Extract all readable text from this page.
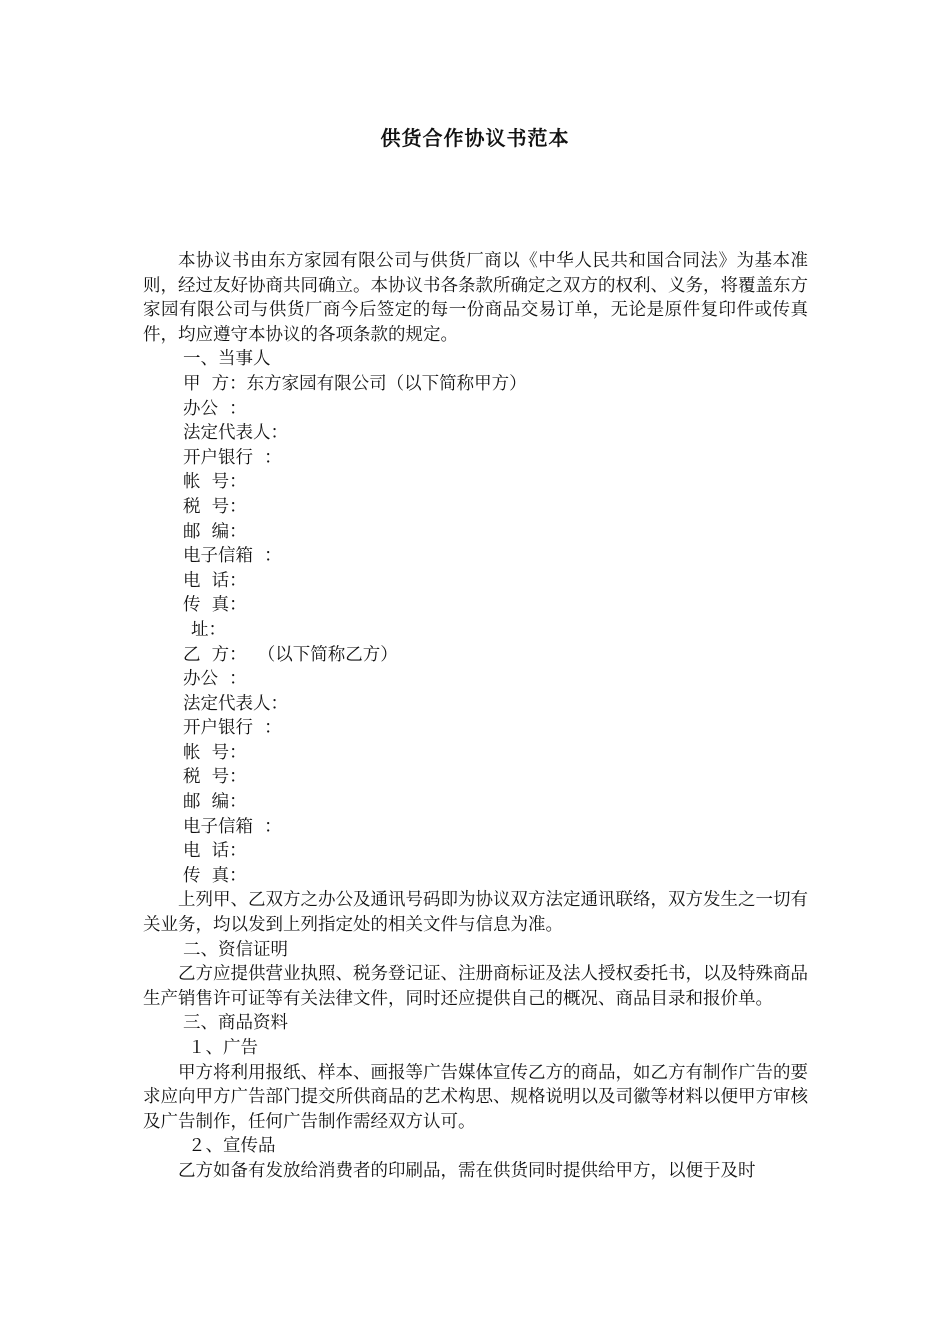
供货合作协议书范本

本协议书由东方家园有限公司与供货厂商以《中华人民共和国合同法》为基本准则，经过友好协商共同确立。本协议书各条款所确定之双方的权利、义务，将覆盖东方家园有限公司与供货厂商今后签定的每一份商品交易订单，无论是原件复印件或传真件，均应遵守本协议的各项条款的规定。

一、当事人

甲  方：东方家园有限公司（以下简称甲方）

办公  ：

法定代表人：

开户银行  ：

帐  号：

税  号：

邮  编：

电子信箱  ：

电  话：

传  真：

址：

乙  方：  （以下简称乙方）

办公  ：

法定代表人：

开户银行  ：

帐  号：

税  号：

邮  编：

电子信箱  ：

电  话：

传  真：

上列甲、乙双方之办公及通讯号码即为协议双方法定通讯联络，双方发生之一切有关业务，均以发到上列指定处的相关文件与信息为准。

二、资信证明

乙方应提供营业执照、税务登记证、注册商标证及法人授权委托书，以及特殊商品生产销售许可证等有关法律文件，同时还应提供自己的概况、商品目录和报价单。

三、商品资料

１、广告

甲方将利用报纸、样本、画报等广告媒体宣传乙方的商品，如乙方有制作广告的要求应向甲方广告部门提交所供商品的艺术构思、规格说明以及司徽等材料以便甲方审核及广告制作，任何广告制作需经双方认可。

２、宣传品

乙方如备有发放给消费者的印刷品，需在供货同时提供给甲方，以便于及时
